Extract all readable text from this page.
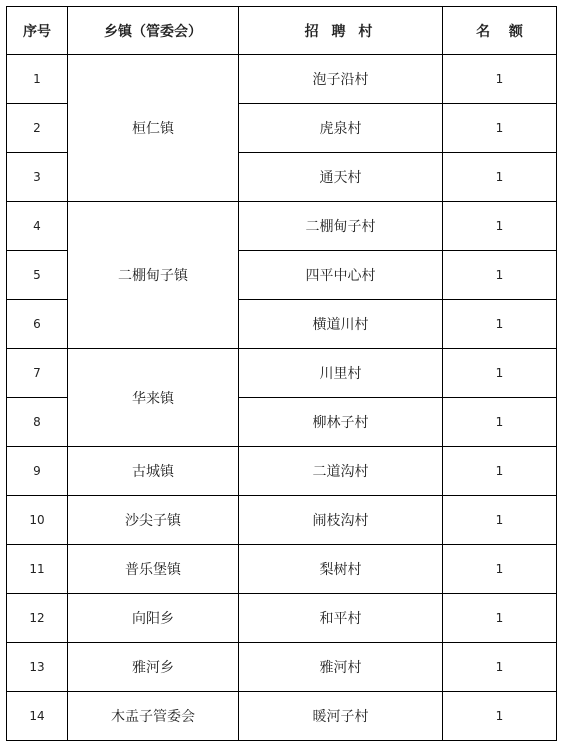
序号	乡镇（管委会）	招 聘 村	名　 额
1	桓仁镇	泡子沿村	1
2		虎泉村	1
3		通天村	1
4	二棚甸子镇	二棚甸子村	1
5		四平中心村	1
6		横道川村	1
7	华来镇	川里村	1
8		柳林子村	1
9	古城镇	二道沟村	1
10	沙尖子镇	闹枝沟村	1
11	普乐堡镇	梨树村	1
12	向阳乡	和平村	1
13	雅河乡	雅河村	1
14	木盂子管委会	暖河子村	1
